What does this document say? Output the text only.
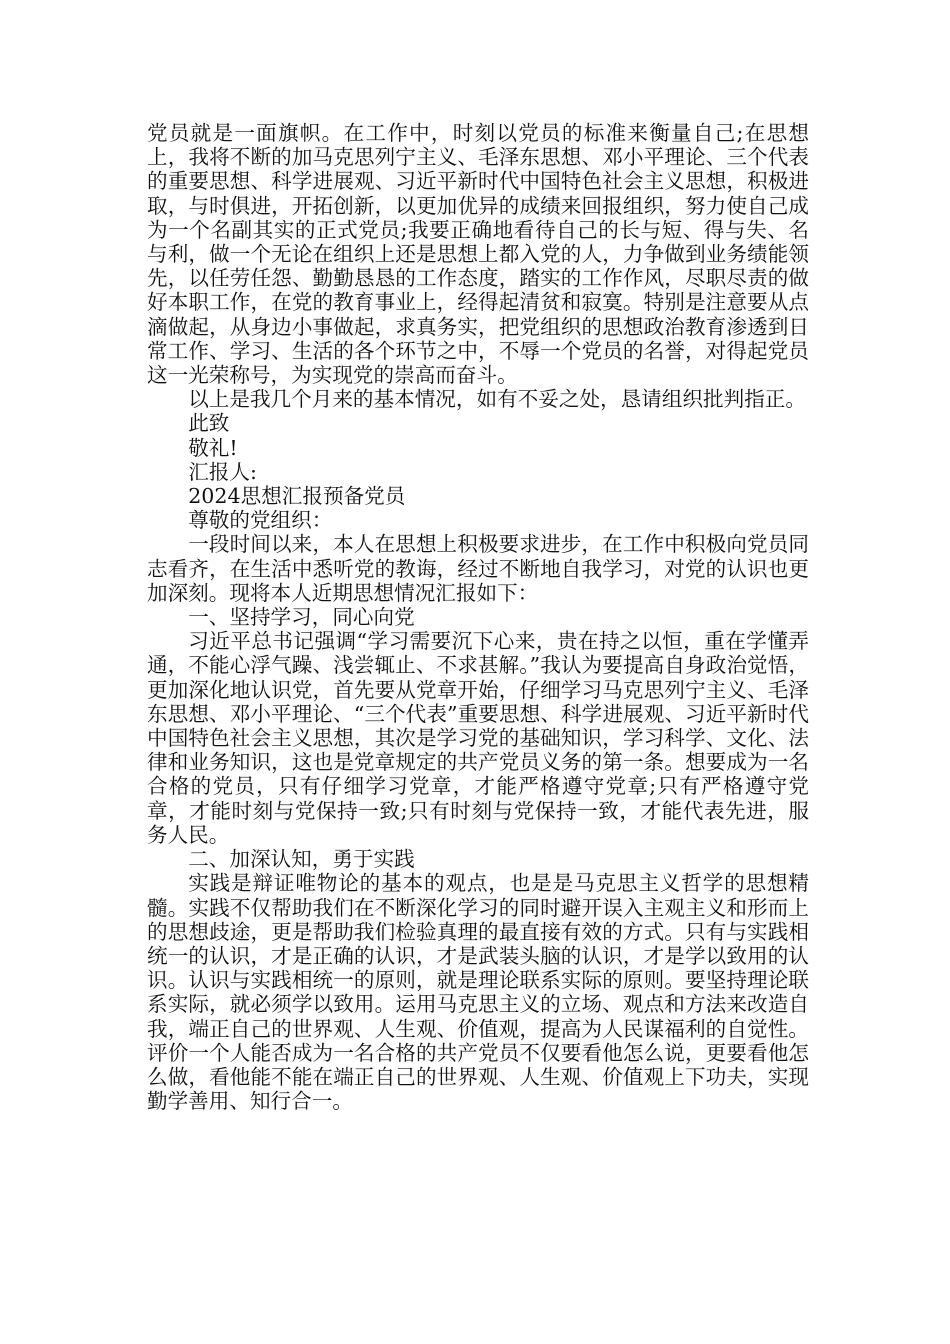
党员就是一面旗帜。在工作中，时刻以党员的标准来衡量自己;在思想上，我将不断的加马克思列宁主义、毛泽东思想、邓小平理论、三个代表的重要思想、科学进展观、习近平新时代中国特色社会主义思想，积极进取，与时俱进，开拓创新，以更加优异的成绩来回报组织，努力使自己成为一个名副其实的正式党员;我要正确地看待自己的长与短、得与失、名与利，做一个无论在组织上还是思想上都入党的人，力争做到业务绩能领先，以任劳任怨、勤勤恳恳的工作态度，踏实的工作作风，尽职尽责的做好本职工作，在党的教育事业上，经得起清贫和寂寞。特别是注意要从点滴做起，从身边小事做起，求真务实，把党组织的思想政治教育渗透到日常工作、学习、生活的各个环节之中，不辱一个党员的名誉，对得起党员这一光荣称号，为实现党的崇高而奋斗。

以上是我几个月来的基本情况，如有不妥之处，恳请组织批判指正。

此致

敬礼!

汇报人:

2024思想汇报预备党员

尊敬的党组织：

一段时间以来，本人在思想上积极要求进步，在工作中积极向党员同志看齐，在生活中悉听党的教诲，经过不断地自我学习，对党的认识也更加深刻。现将本人近期思想情况汇报如下：

一、坚持学习，同心向党

习近平总书记强调“学习需要沉下心来，贵在持之以恒，重在学懂弄通，不能心浮气躁、浅尝辄止、不求甚解。”我认为要提高自身政治觉悟，更加深化地认识党，首先要从党章开始，仔细学习马克思列宁主义、毛泽东思想、邓小平理论、“三个代表”重要思想、科学进展观、习近平新时代中国特色社会主义思想，其次是学习党的基础知识，学习科学、文化、法律和业务知识，这也是党章规定的共产党员义务的第一条。想要成为一名合格的党员，只有仔细学习党章，才能严格遵守党章;只有严格遵守党章，才能时刻与党保持一致;只有时刻与党保持一致，才能代表先进，服务人民。

二、加深认知，勇于实践

实践是辩证唯物论的基本的观点，也是是马克思主义哲学的思想精髓。实践不仅帮助我们在不断深化学习的同时避开误入主观主义和形而上的思想歧途，更是帮助我们检验真理的最直接有效的方式。只有与实践相统一的认识，才是正确的认识，才是武装头脑的认识，才是学以致用的认识。认识与实践相统一的原则，就是理论联系实际的原则。要坚持理论联系实际，就必须学以致用。运用马克思主义的立场、观点和方法来改造自我，端正自己的世界观、人生观、价值观，提高为人民谋福利的自觉性。评价一个人能否成为一名合格的共产党员不仅要看他怎么说，更要看他怎么做，看他能不能在端正自己的世界观、人生观、价值观上下功夫，实现勤学善用、知行合一。
